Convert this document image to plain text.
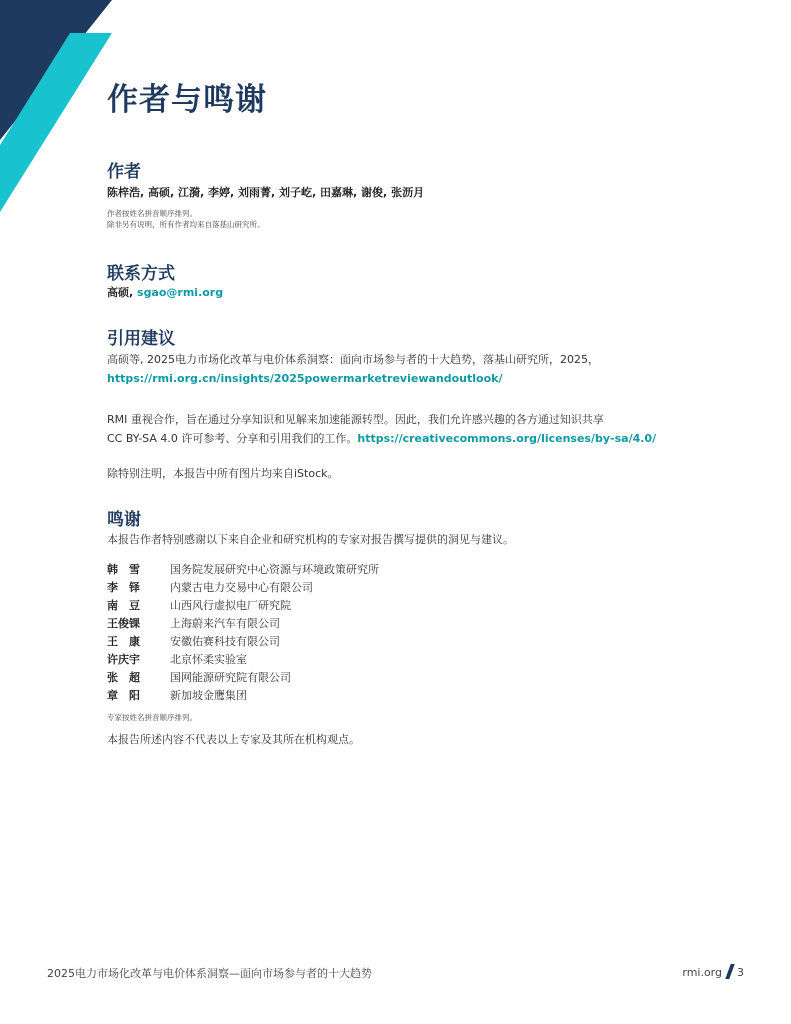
作者与鸣谢
作者
陈梓浩, 高硕, 江漪, 李婷, 刘雨菁, 刘子屹, 田嘉琳, 谢俊, 张沥月
作者按姓名拼音顺序排列。
除非另有说明，所有作者均来自落基山研究所。
联系方式
高硕, sgao@rmi.org
引用建议
高硕等, 2025电力市场化改革与电价体系洞察：面向市场参与者的十大趋势，落基山研究所，2025，
https://rmi.org.cn/insights/2025powermarketreviewandoutlook/
RMI 重视合作，旨在通过分享知识和见解来加速能源转型。因此，我们允许感兴趣的各方通过知识共享
CC BY-SA 4.0 许可参考、分享和引用我们的工作。https://creativecommons.org/licenses/by-sa/4.0/
除特别注明，本报告中所有图片均来自iStock。
鸣谢
本报告作者特别感谢以下来自企业和研究机构的专家对报告撰写提供的洞见与建议。
韩　雪	国务院发展研究中心资源与环境政策研究所
李　铎	内蒙古电力交易中心有限公司
南　豆	山西风行虚拟电厂研究院
王俊锞	上海蔚来汽车有限公司
王　康	安徽佑赛科技有限公司
许庆宇	北京怀柔实验室
张　超	国网能源研究院有限公司
章　阳	新加坡金鹰集团
专家按姓名拼音顺序排列。
本报告所述内容不代表以上专家及其所在机构观点。
2025电力市场化改革与电价体系洞察—面向市场参与者的十大趋势	rmi.org 3
